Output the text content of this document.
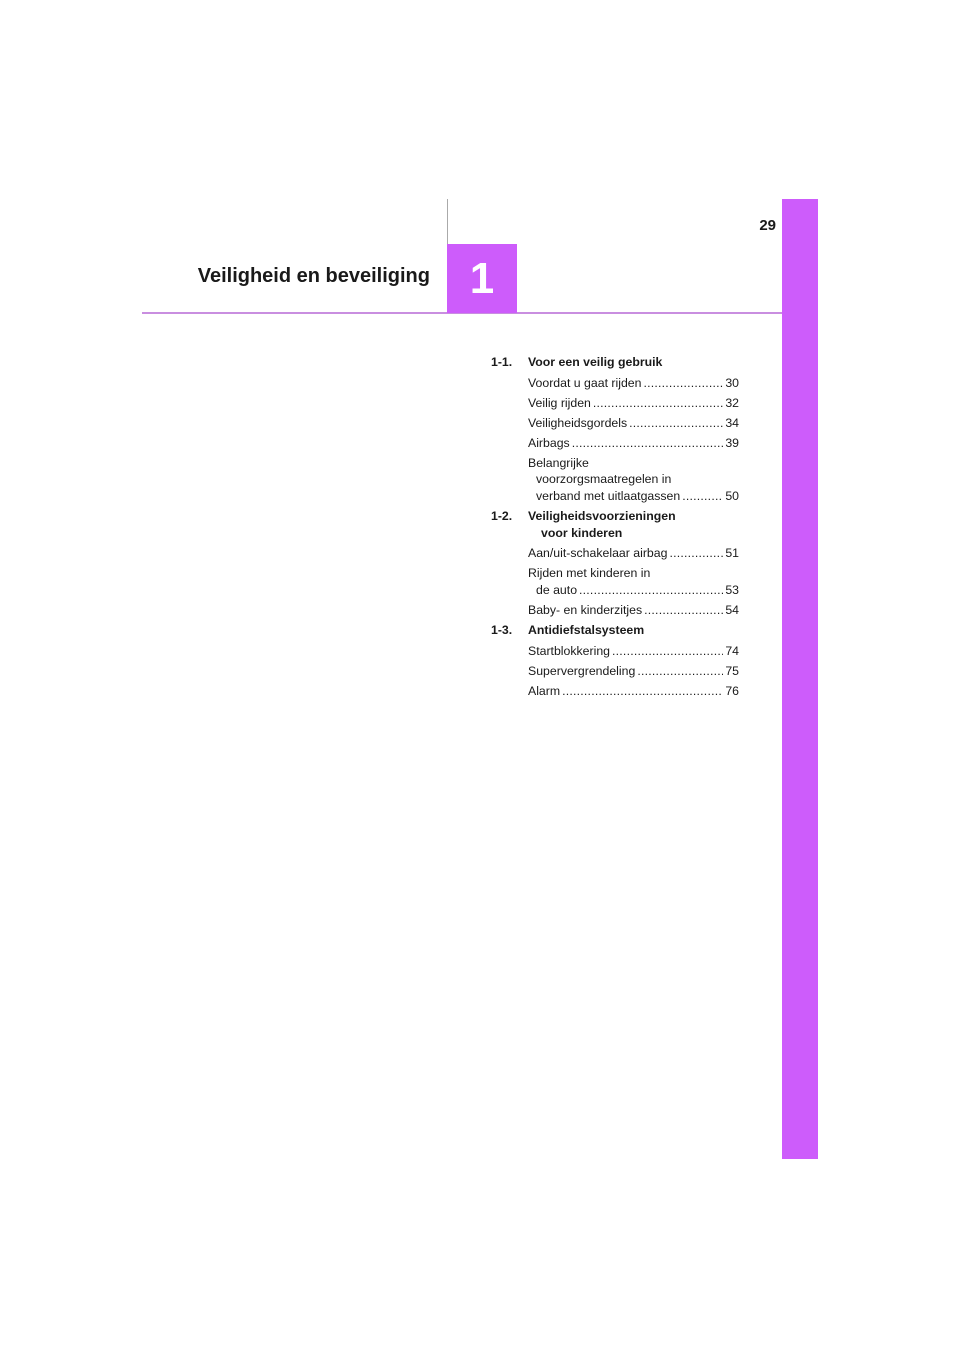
29
1
Veiligheid en beveiliging
1-1.	Voor een veilig gebruik
Voordat u gaat rijden . . .	30
Veilig rijden . . .	32
Veiligheidsgordels . . .	34
Airbags . . .	39
Belangrijke
voorzorgsmaatregelen in
verband met uitlaatgassen . . .	50
1-2.	Veiligheidsvoorzieningen
voor kinderen
Aan/uit-schakelaar airbag . . .	51
Rijden met kinderen in
de auto . . .	53
Baby- en kinderzitjes . . .	54
1-3.	Antidiefstalsysteem
Startblokkering . . .	74
Supervergrendeling . . .	75
Alarm . . .	76
